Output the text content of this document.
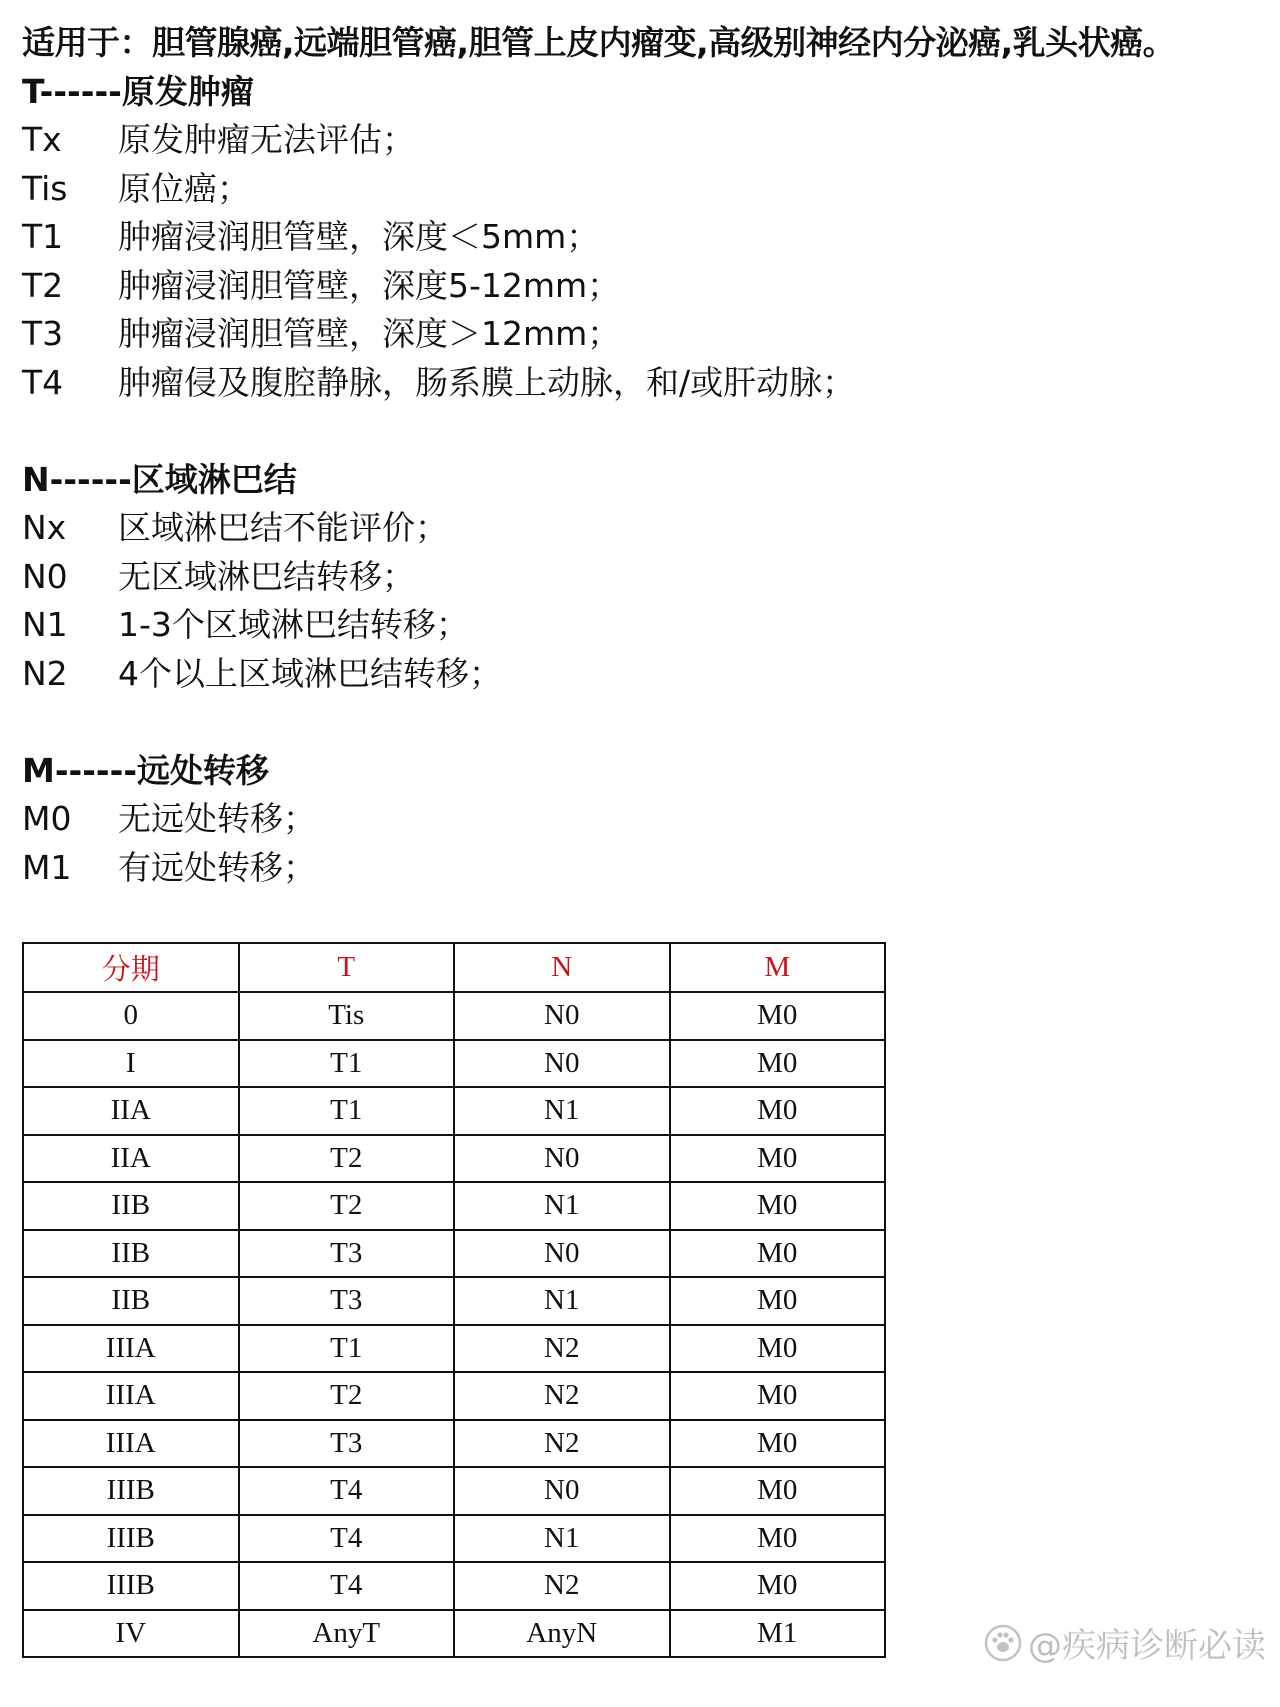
适用于：胆管腺癌,远端胆管癌,胆管上皮内瘤变,高级别神经内分泌癌,乳头状癌。
T------原发肿瘤
Tx 原发肿瘤无法评估；
Tis原位癌；
T1 肿瘤浸润胆管壁，深度＜5mm；
T2肿瘤浸润胆管壁，深度5-12mm；
T3肿瘤浸润胆管壁，深度＞12mm；
T4肿瘤侵及腹腔静脉，肠系膜上动脉，和/或肝动脉；
N------区域淋巴结
Nx 区域淋巴结不能评价；
N0无区域淋巴结转移；
N1 1-3个区域淋巴结转移；
N24个以上区域淋巴结转移；
M------远处转移
M0无远处转移；
M1 有远处转移；
分期	T	N	M
0	Tis	N0	M0
I	T1	N0	M0
IIA	T1	N1	M0
IIA	T2	N0	M0
IIB	T2	N1	M0
IIB	T3	N0	M0
IIB	T3	N1	M0
IIIA	T1	N2	M0
IIIA	T2	N2	M0
IIIA	T3	N2	M0
IIIB	T4	N0	M0
IIIB	T4	N1	M0
IIIB	T4	N2	M0
IV	AnyT	AnyN	M1	@疾病诊断必读
